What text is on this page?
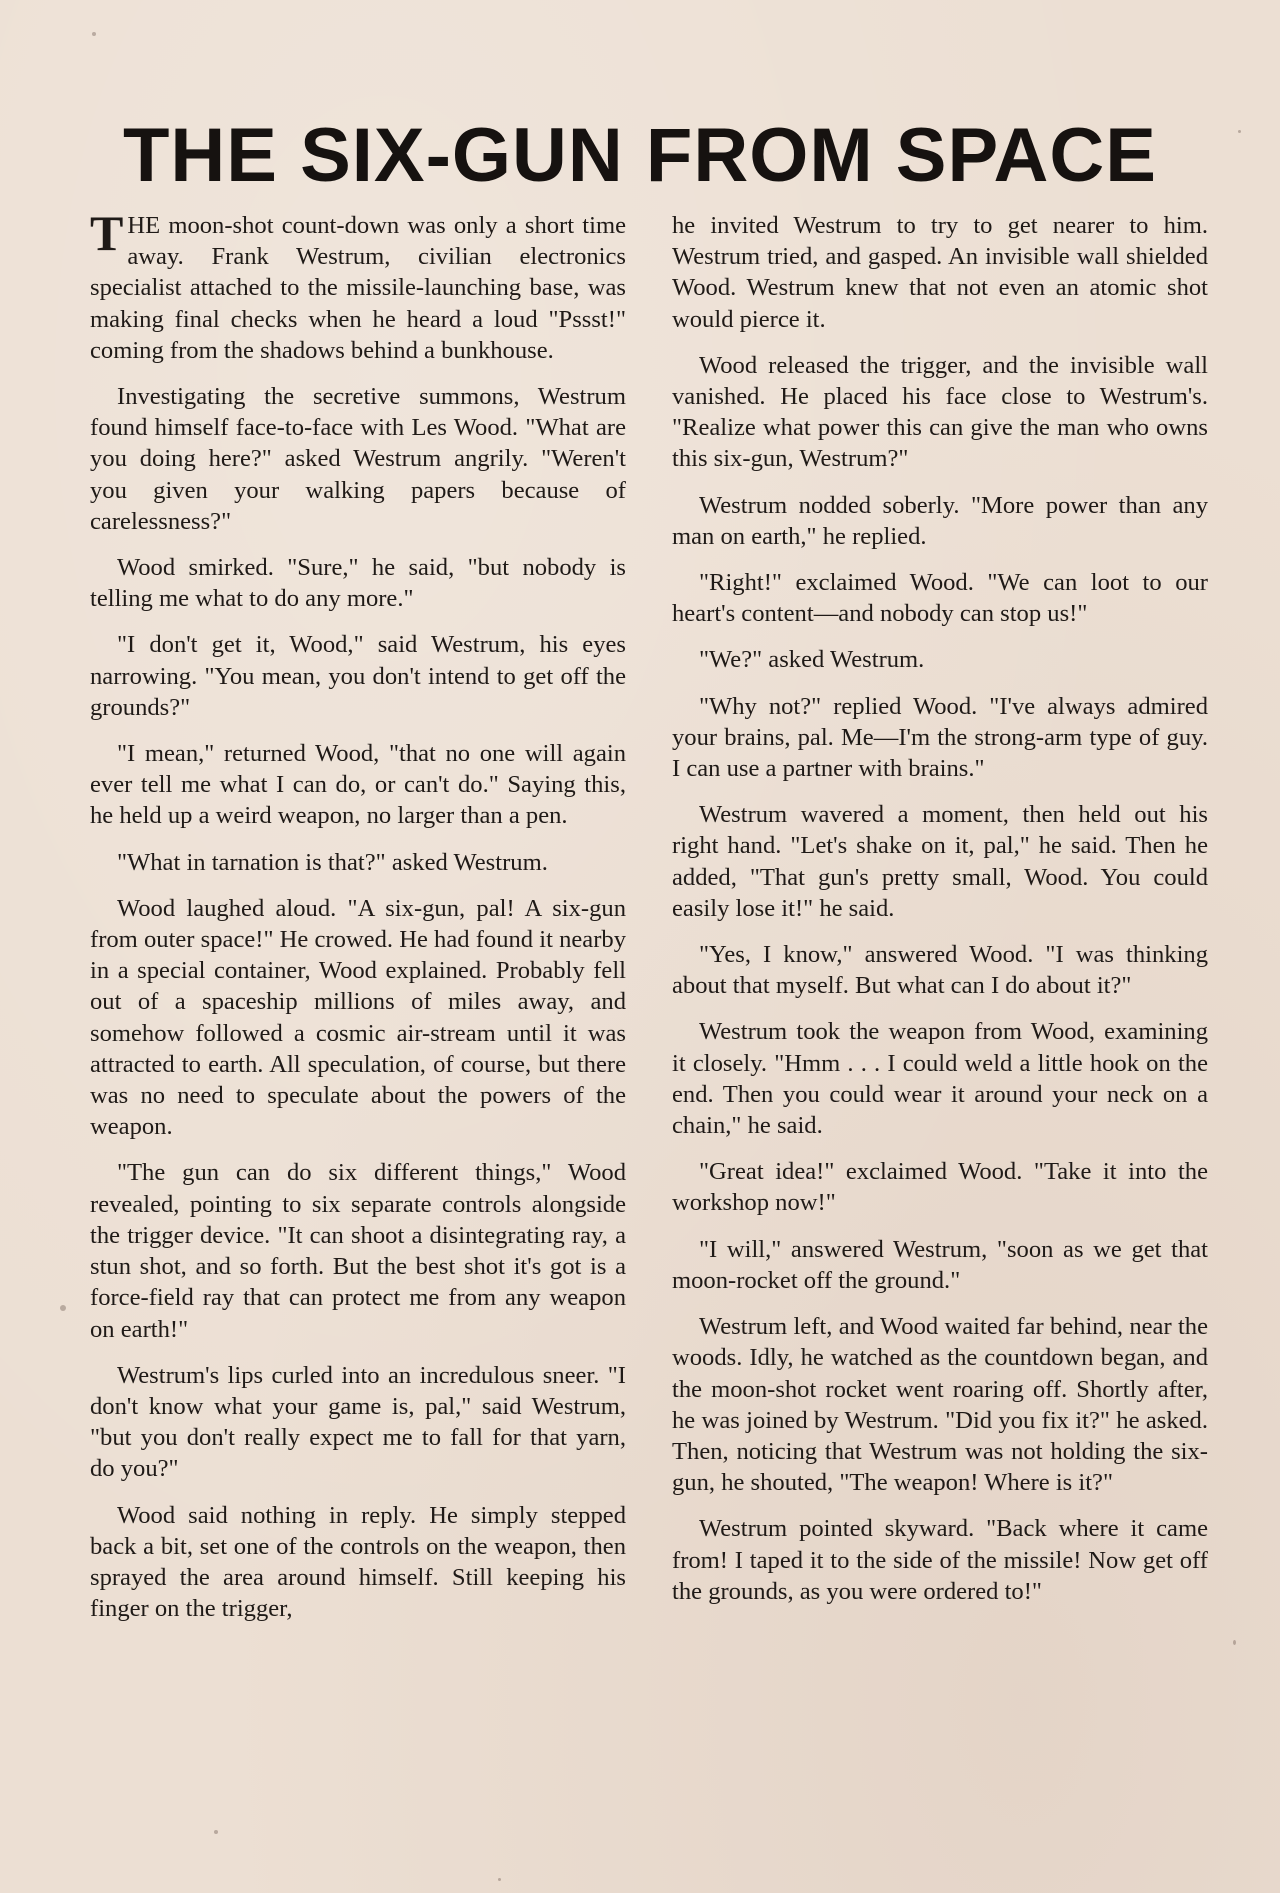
THE SIX-GUN FROM SPACE

THE moon-shot count-down was only a short time away. Frank Westrum, civilian electronics specialist attached to the missile-launching base, was making final checks when he heard a loud "Pssst!" coming from the shadows behind a bunkhouse.

Investigating the secretive summons, Westrum found himself face-to-face with Les Wood. "What are you doing here?" asked Westrum angrily. "Weren't you given your walking papers because of carelessness?"

Wood smirked. "Sure," he said, "but nobody is telling me what to do any more."

"I don't get it, Wood," said Westrum, his eyes narrowing. "You mean, you don't intend to get off the grounds?"

"I mean," returned Wood, "that no one will again ever tell me what I can do, or can't do." Saying this, he held up a weird weapon, no larger than a pen.

"What in tarnation is that?" asked Westrum.

Wood laughed aloud. "A six-gun, pal! A six-gun from outer space!" He crowed. He had found it nearby in a special container, Wood explained. Probably fell out of a spaceship millions of miles away, and somehow followed a cosmic air-stream until it was attracted to earth. All speculation, of course, but there was no need to speculate about the powers of the weapon.

"The gun can do six different things," Wood revealed, pointing to six separate controls alongside the trigger device. "It can shoot a disintegrating ray, a stun shot, and so forth. But the best shot it's got is a force-field ray that can protect me from any weapon on earth!"

Westrum's lips curled into an incredulous sneer. "I don't know what your game is, pal," said Westrum, "but you don't really expect me to fall for that yarn, do you?"

Wood said nothing in reply. He simply stepped back a bit, set one of the controls on the weapon, then sprayed the area around himself. Still keeping his finger on the trigger,

he invited Westrum to try to get nearer to him. Westrum tried, and gasped. An invisible wall shielded Wood. Westrum knew that not even an atomic shot would pierce it.

Wood released the trigger, and the invisible wall vanished. He placed his face close to Westrum's. "Realize what power this can give the man who owns this six-gun, Westrum?"

Westrum nodded soberly. "More power than any man on earth," he replied.

"Right!" exclaimed Wood. "We can loot to our heart's content—and nobody can stop us!"

"We?" asked Westrum.

"Why not?" replied Wood. "I've always admired your brains, pal. Me—I'm the strong-arm type of guy. I can use a partner with brains."

Westrum wavered a moment, then held out his right hand. "Let's shake on it, pal," he said. Then he added, "That gun's pretty small, Wood. You could easily lose it!" he said.

"Yes, I know," answered Wood. "I was thinking about that myself. But what can I do about it?"

Westrum took the weapon from Wood, examining it closely. "Hmm . . . I could weld a little hook on the end. Then you could wear it around your neck on a chain," he said.

"Great idea!" exclaimed Wood. "Take it into the workshop now!"

"I will," answered Westrum, "soon as we get that moon-rocket off the ground."

Westrum left, and Wood waited far behind, near the woods. Idly, he watched as the countdown began, and the moon-shot rocket went roaring off. Shortly after, he was joined by Westrum. "Did you fix it?" he asked. Then, noticing that Westrum was not holding the six-gun, he shouted, "The weapon! Where is it?"

Westrum pointed skyward. "Back where it came from! I taped it to the side of the missile! Now get off the grounds, as you were ordered to!"
